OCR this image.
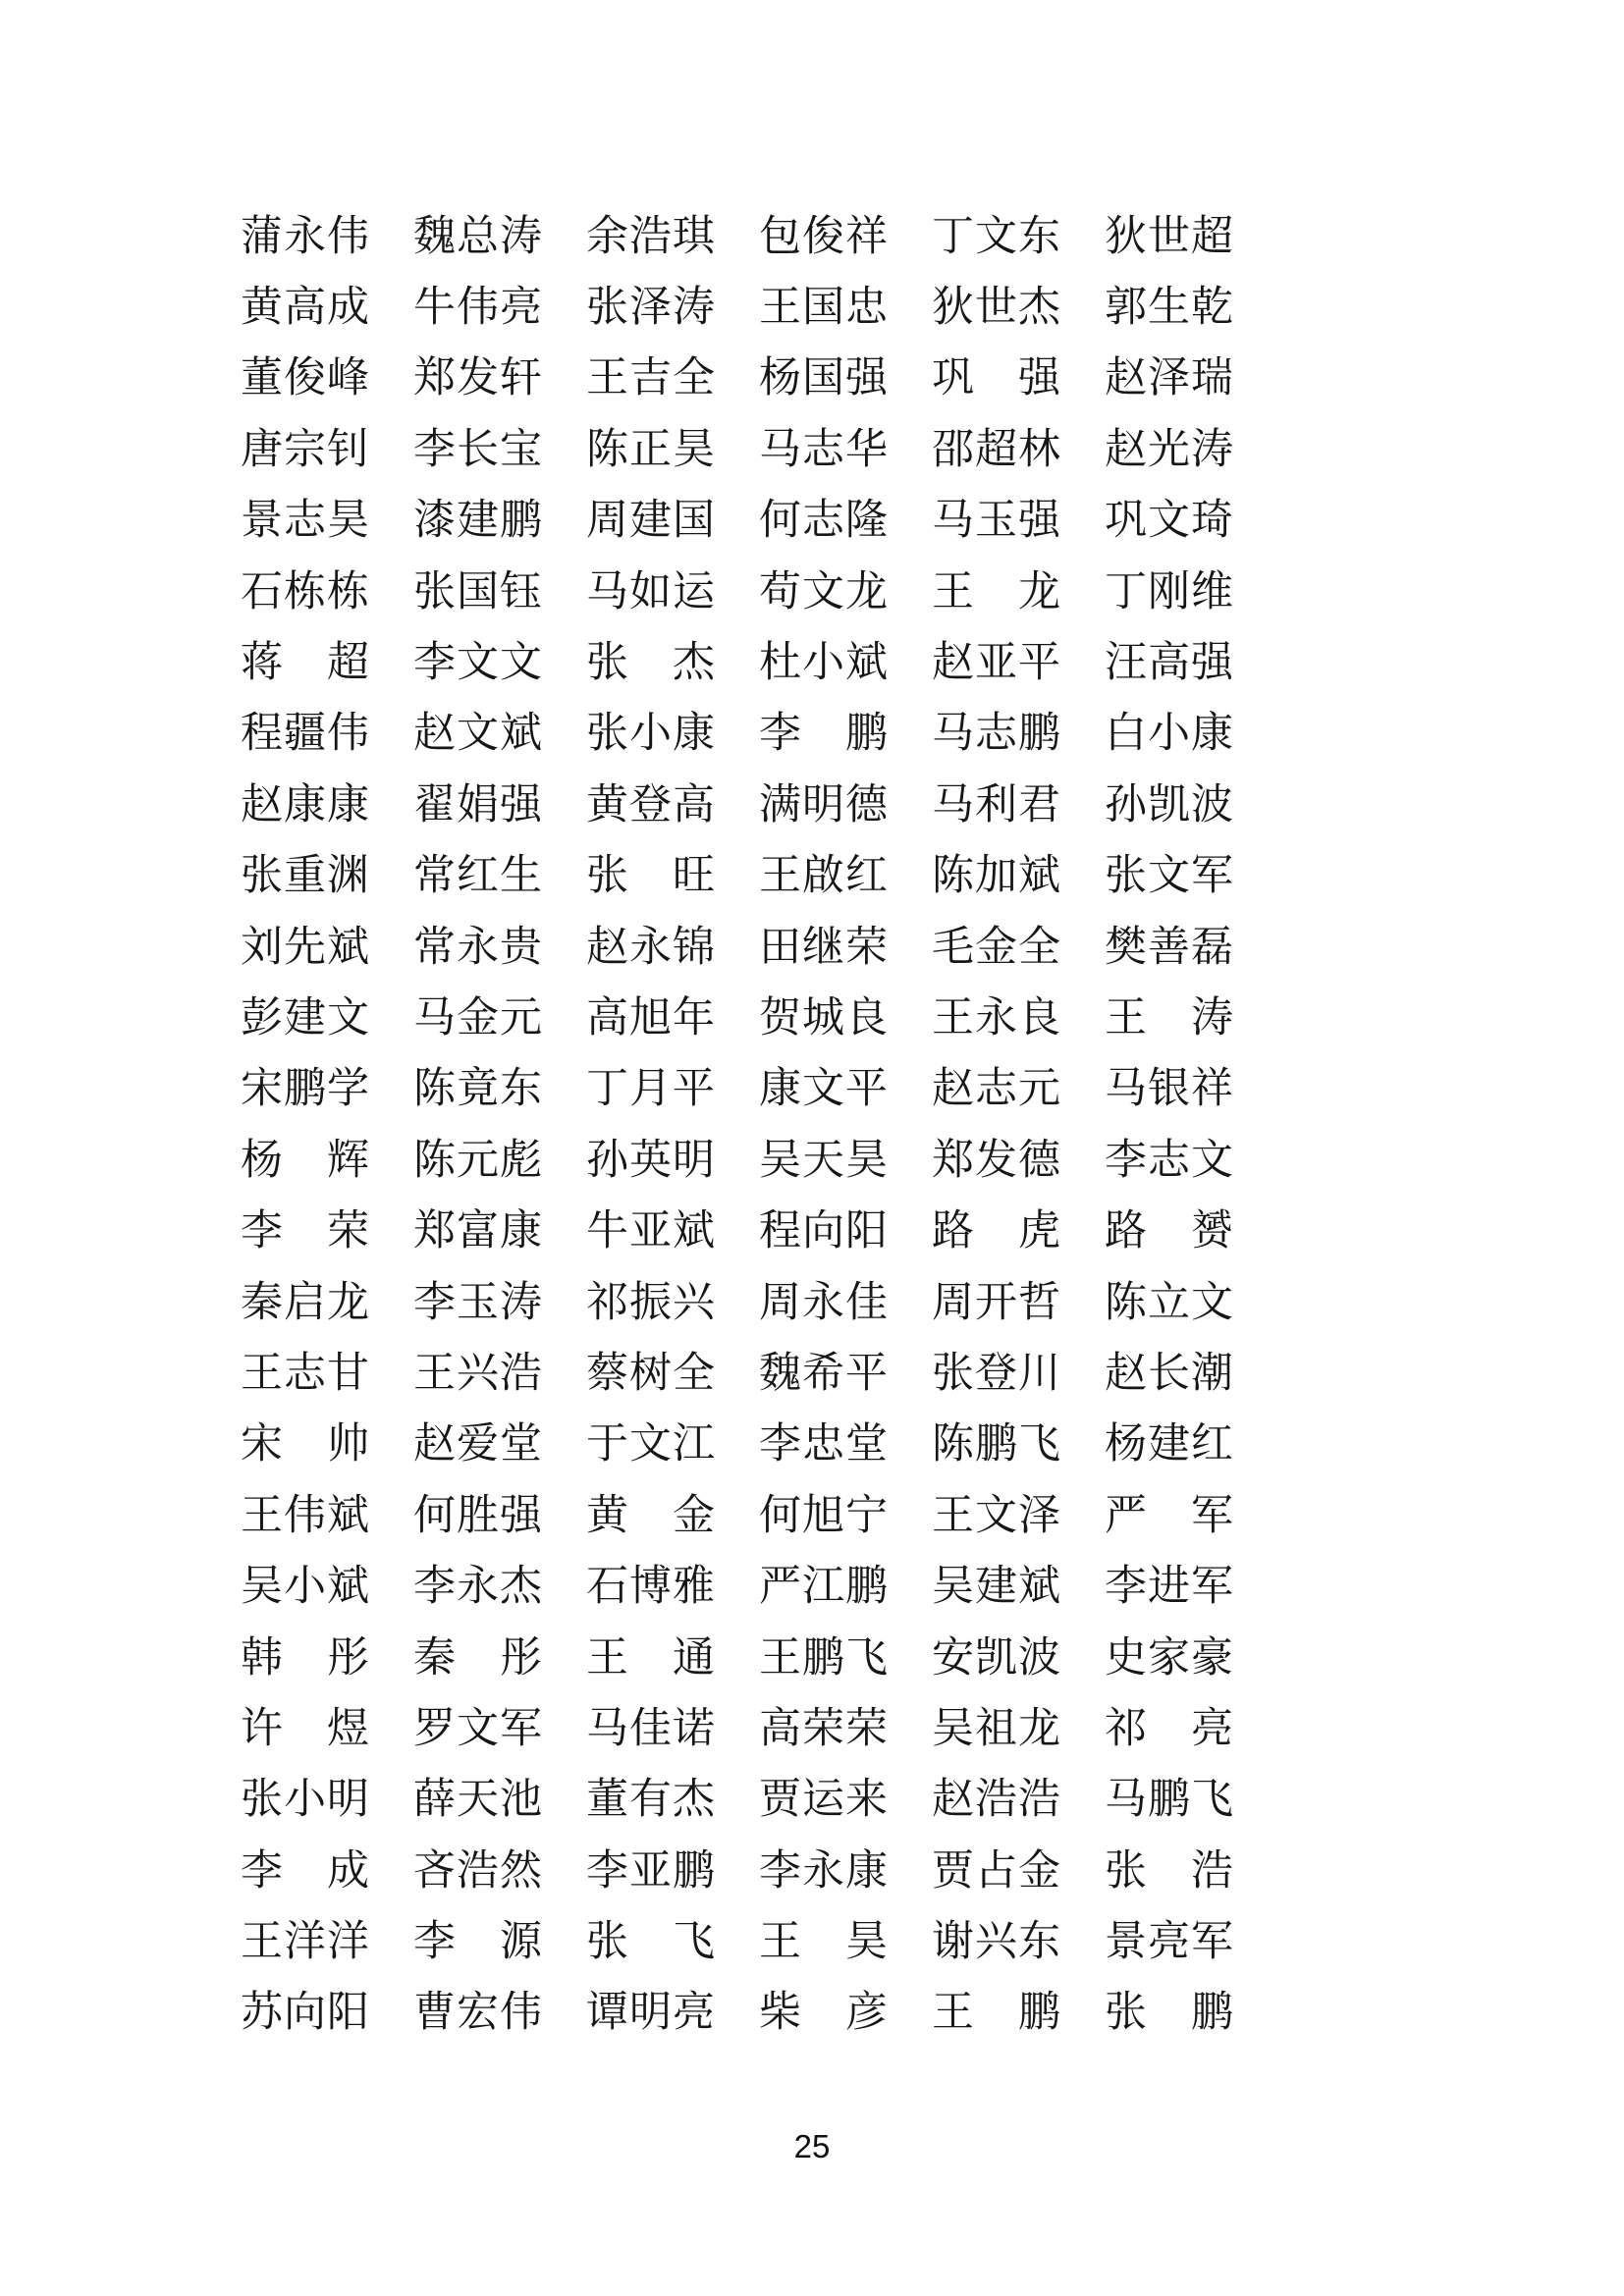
蒲永伟 魏总涛 余浩琪 包俊祥 丁文东 狄世超
黄高成 牛伟亮 张泽涛 王国忠 狄世杰 郭生乾
董俊峰 郑发轩 王吉全 杨国强 巩　强 赵泽瑞
唐宗钊 李长宝 陈正昊 马志华 邵超林 赵光涛
景志昊 漆建鹏 周建国 何志隆 马玉强 巩文琦
石栋栋 张国钰 马如运 苟文龙 王　龙 丁刚维
蒋　超 李文文 张　杰 杜小斌 赵亚平 汪高强
程疆伟 赵文斌 张小康 李　鹏 马志鹏 白小康
赵康康 翟娟强 黄登高 满明德 马利君 孙凯波
张重渊 常红生 张　旺 王啟红 陈加斌 张文军
刘先斌 常永贵 赵永锦 田继荣 毛金全 樊善磊
彭建文 马金元 高旭年 贺城良 王永良 王　涛
宋鹏学 陈竟东 丁月平 康文平 赵志元 马银祥
杨　辉 陈元彪 孙英明 吴天昊 郑发德 李志文
李　荣 郑富康 牛亚斌 程向阳 路　虎 路　赟
秦启龙 李玉涛 祁振兴 周永佳 周开哲 陈立文
王志甘 王兴浩 蔡树全 魏希平 张登川 赵长潮
宋　帅 赵爱堂 于文江 李忠堂 陈鹏飞 杨建红
王伟斌 何胜强 黄　金 何旭宁 王文泽 严　军
吴小斌 李永杰 石博雅 严江鹏 吴建斌 李进军
韩　彤 秦　彤 王　通 王鹏飞 安凯波 史家豪
许　煜 罗文军 马佳诺 高荣荣 吴祖龙 祁　亮
张小明 薛天池 董有杰 贾运来 赵浩浩 马鹏飞
李　成 吝浩然 李亚鹏 李永康 贾占金 张　浩
王洋洋 李　源 张　飞 王　昊 谢兴东 景亮军
苏向阳 曹宏伟 谭明亮 柴　彦 王　鹏 张　鹏
25
